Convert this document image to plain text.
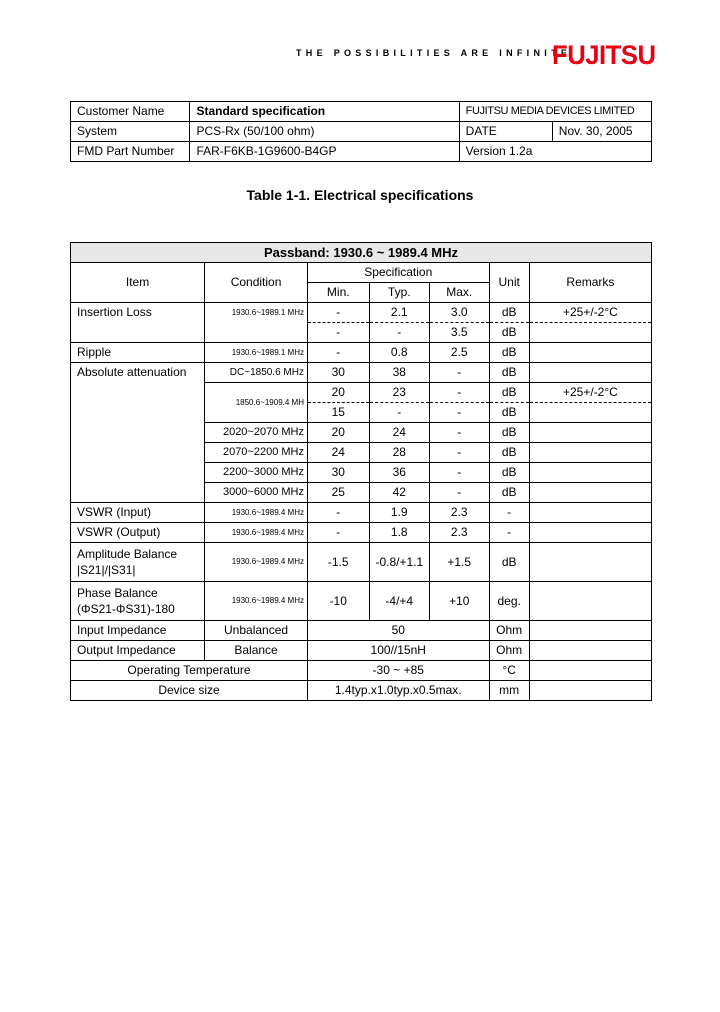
THE POSSIBILITIES ARE INFINITE
FUJITSU
Customer Name	Standard specification	FUJITSU MEDIA DEVICES LIMITED	
System	PCS-Rx (50/100 ohm)	DATE	Nov. 30, 2005
FMD Part Number	FAR-F6KB-1G9600-B4GP	Version 1.2a	
Table 1-1. Electrical specifications
Passband: 1930.6 ~ 1989.4 MHz						
Item	Condition	Specification			Unit	Remarks
		Min.	Typ.	Max.		
Insertion Loss	1930.6~1989.1 MHz	-	2.1	3.0	dB	+25+/-2°C
		-	-	3.5	dB	
Ripple	1930.6~1989.1 MHz	-	0.8	2.5	dB	
Absolute attenuation	DC~1850.6 MHz	30	38	-	dB	
	1850.6~1909.4 MH	20	23	-	dB	+25+/-2°C
		15	-	-	dB	
	2020~2070 MHz	20	24	-	dB	
	2070~2200 MHz	24	28	-	dB	
	2200~3000 MHz	30	36	-	dB	
	3000~6000 MHz	25	42	-	dB	
VSWR (Input)	1930.6~1989.4 MHz	-	1.9	2.3	-	
VSWR (Output)	1930.6~1989.4 MHz	-	1.8	2.3	-	

Amplitude Balance
|S21|/|S31|	1930.6~1989.4 MHz	-1.5	-0.8/+1.1	+1.5	dB	

Phase Balance
(ΦS21-ΦS31)-180	1930.6~1989.4 MHz	-10	-4/+4	+10	deg.	
Input Impedance	Unbalanced	50			Ohm	
Output Impedance	Balance	100//15nH			Ohm	
Operating Temperature		-30 ~ +85			°C	
Device size		1.4typ.x1.0typ.x0.5max.			mm	
